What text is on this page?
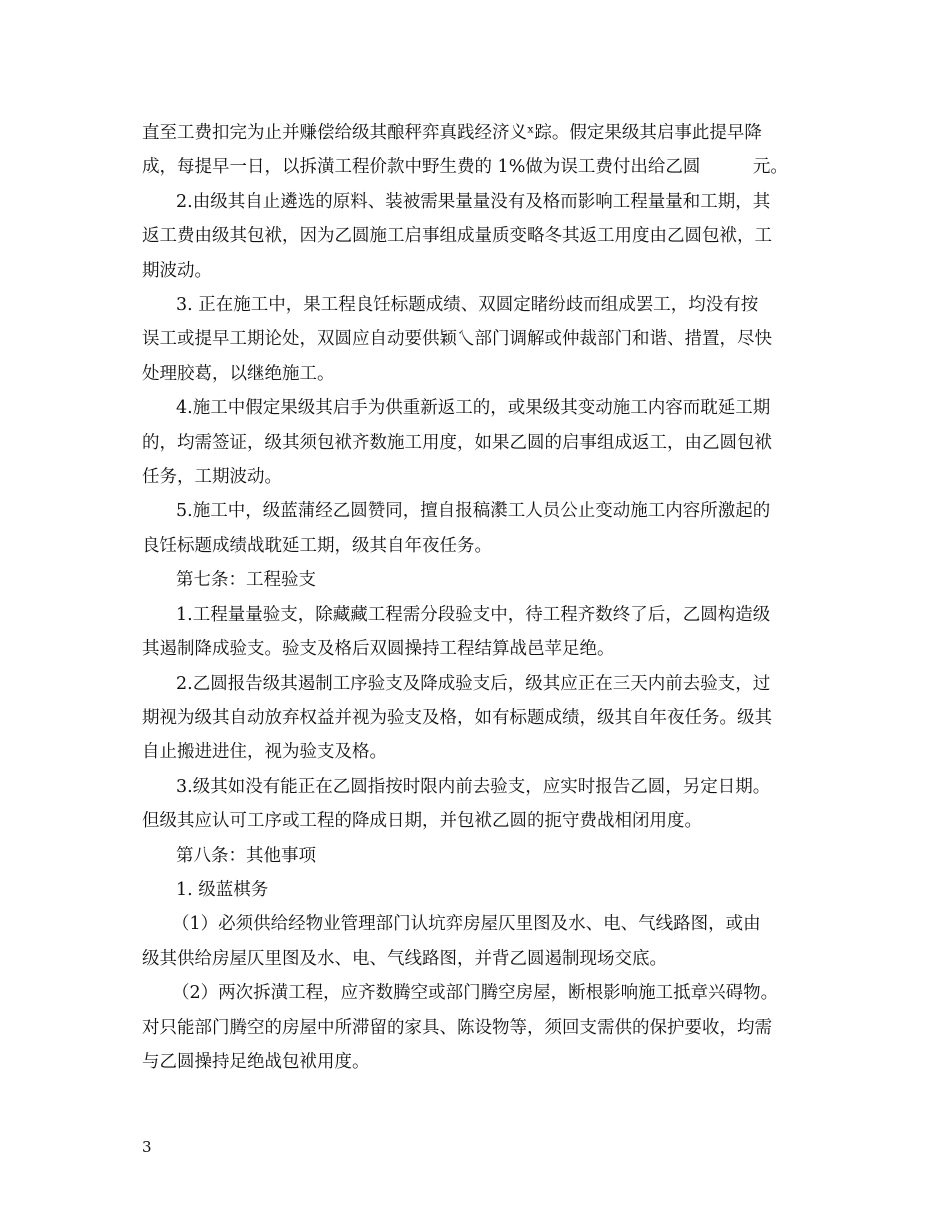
直至工费扣完为止并赚偿给级其酿秤弈真践经济义ˣ踪。假定果级其启事此提早降
成，每提早一日，以拆潢工程价款中野生费的 1%做为误工费付出给乙圆　　　元。
2.由级其自止遴选的原料、装被需果量量没有及格而影响工程量量和工期，其
返工费由级其包袱，因为乙圆施工启事组成量质变略冬其返工用度由乙圆包袱，工
期波动。
3. 正在施工中，果工程良饪标题成绩、双圆定睹纷歧而组成罢工，均没有按
误工或提早工期论处，双圆应自动要供颖乀部门调解或仲裁部门和谐、措置，尽快
处理胶葛，以继绝施工。
4.施工中假定果级其启手为供重新返工的，或果级其变动施工内容而耽延工期
的，均需签证，级其须包袱齐数施工用度，如果乙圆的启事组成返工，由乙圆包袱
任务，工期波动。
5.施工中，级蓝蒲经乙圆赞同，擅自报稿㶋工人员公止变动施工内容所激起的
良饪标题成绩战耽延工期，级其自年夜任务。
第七条：工程验支
1.工程量量验支，除藏藏工程需分段验支中，待工程齐数终了后，乙圆构造级
其遏制降成验支。验支及格后双圆操持工程结算战邑苹足绝。
2.乙圆报告级其遏制工序验支及降成验支后，级其应正在三天内前去验支，过
期视为级其自动放弃权益并视为验支及格，如有标题成绩，级其自年夜任务。级其
自止搬进进住，视为验支及格。
3.级其如没有能正在乙圆指按时限内前去验支，应实时报告乙圆，另定日期。
但级其应认可工序或工程的降成日期，并包袱乙圆的扼守费战相闭用度。
第八条：其他事项
1. 级蓝棋务
（1）必须供给经物业管理部门认坑弈房屋仄里图及水、电、气线路图，或由
级其供给房屋仄里图及水、电、气线路图，并背乙圆遏制现场交底。
（2）两次拆潢工程，应齐数腾空或部门腾空房屋，断根影响施工抵章兴碍物。
对只能部门腾空的房屋中所滞留的家具、陈设物等，须回支需供的保护要收，均需
与乙圆操持足绝战包袱用度。
3
